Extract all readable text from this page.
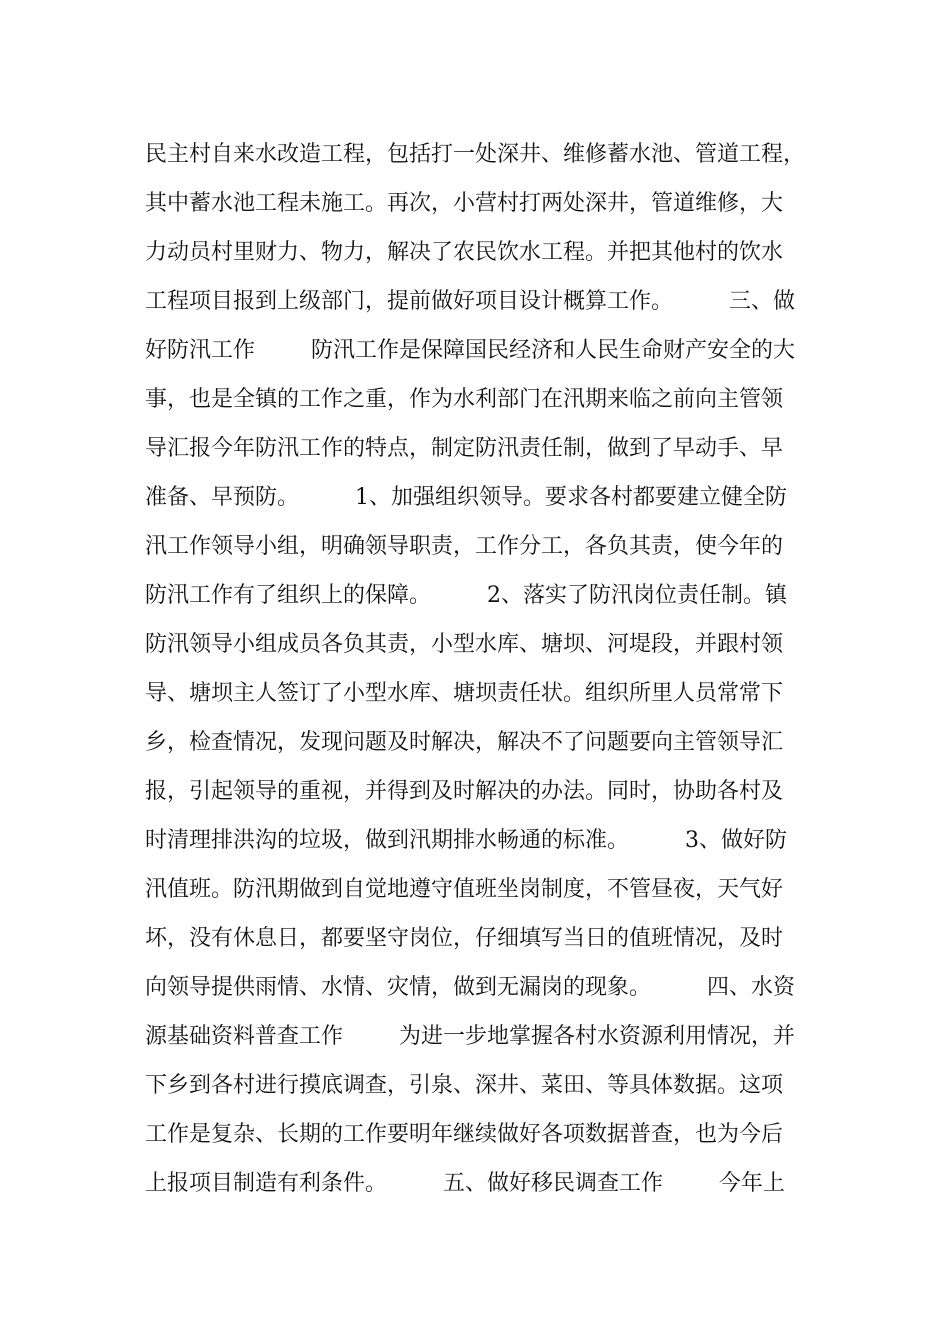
民主村自来水改造工程，包括打一处深井、维修蓄水池、管道工程，
其中蓄水池工程未施工。再次，小营村打两处深井，管道维修，大
力动员村里财力、物力，解决了农民饮水工程。并把其他村的饮水
工程项目报到上级部门，提前做好项目设计概算工作。        三、做
好防汛工作        防汛工作是保障国民经济和人民生命财产安全的大
事，也是全镇的工作之重，作为水利部门在汛期来临之前向主管领
导汇报今年防汛工作的特点，制定防汛责任制，做到了早动手、早
准备、早预防。        1、加强组织领导。要求各村都要建立健全防
汛工作领导小组，明确领导职责，工作分工，各负其责，使今年的
防汛工作有了组织上的保障。        2、落实了防汛岗位责任制。镇
防汛领导小组成员各负其责，小型水库、塘坝、河堤段，并跟村领
导、塘坝主人签订了小型水库、塘坝责任状。组织所里人员常常下
乡，检查情况，发现问题及时解决，解决不了问题要向主管领导汇
报，引起领导的重视，并得到及时解决的办法。同时，协助各村及
时清理排洪沟的垃圾，做到汛期排水畅通的标准。        3、做好防
汛值班。防汛期做到自觉地遵守值班坐岗制度，不管昼夜，天气好
坏，没有休息日，都要坚守岗位，仔细填写当日的值班情况，及时
向领导提供雨情、水情、灾情，做到无漏岗的现象。        四、水资
源基础资料普查工作        为进一步地掌握各村水资源利用情况，并
下乡到各村进行摸底调查，引泉、深井、菜田、等具体数据。这项
工作是复杂、长期的工作要明年继续做好各项数据普查，也为今后
上报项目制造有利条件。        五、做好移民调查工作        今年上
